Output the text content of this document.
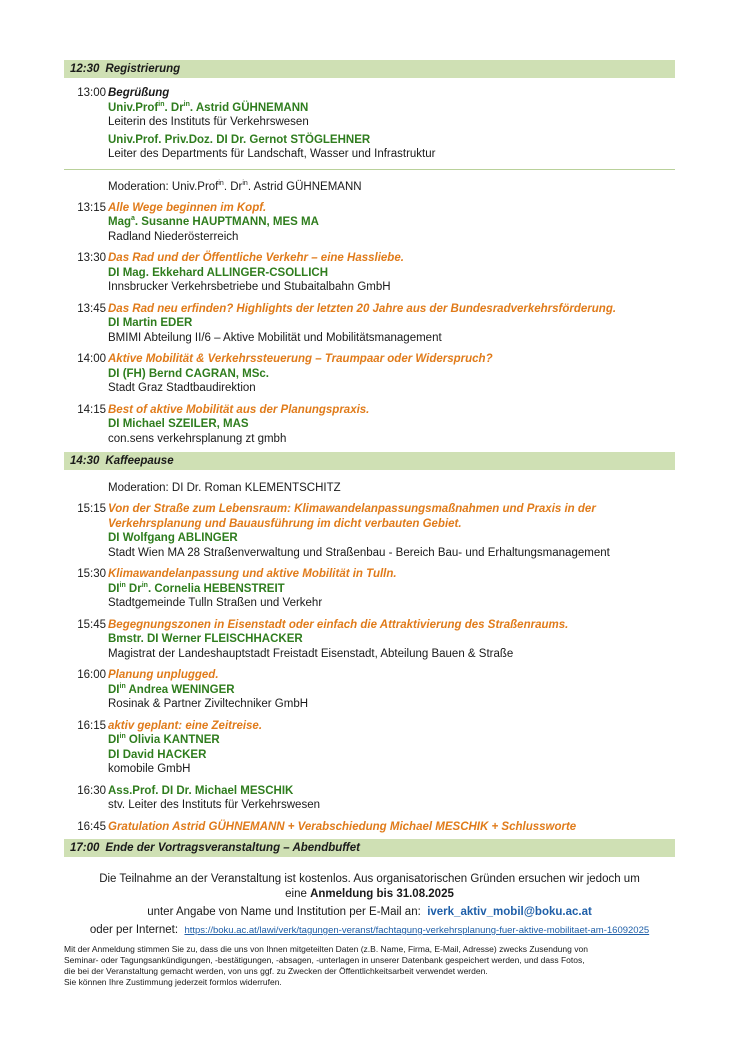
12:30 Registrierung
13:00 Begrüßung
Univ.Prof$^{in}$. $Dr^{in}$. Astrid GÜHNEMANN
Leiterin des Instituts für Verkehrswesen
Univ.Prof. Priv.Doz. DI Dr. Gernot STÖGLEHNER
Leiter des Departments für Landschaft, Wasser und Infrastruktur
Moderation: Univ.Prof$^{in}$. $Dr^{in}$. Astrid GÜHNEMANN
13:15 Alle Wege beginnen im Kopf.
Mag$^a$. Susanne HAUPTMANN, MES MA
Radland Niederösterreich
13:30 Das Rad und der Öffentliche Verkehr – eine Hassliebe.
DI Mag. Ekkehard ALLINGER-CSOLLICH
Innsbrucker Verkehrsbetriebe und Stubaitalbahn GmbH
13:45 Das Rad neu erfinden? Highlights der letzten 20 Jahre aus der Bundesradverkehrsförderung.
DI Martin EDER
BMIMI Abteilung II/6 – Aktive Mobilität und Mobilitätsmanagement
14:00 Aktive Mobilität & Verkehrssteuerung – Traumpaar oder Widerspruch?
DI (FH) Bernd CAGRAN, MSc.
Stadt Graz Stadtbaudirektion
14:15 Best of aktive Mobilität aus der Planungspraxis.
DI Michael SZEILER, MAS
con.sens verkehrsplanung zt gmbh
14:30 Kaffeepause
Moderation: DI Dr. Roman KLEMENTSCHITZ
15:15 Von der Straße zum Lebensraum: Klimawandelanpassungsmaßnahmen und Praxis in der Verkehrsplanung und Bauausführung im dicht verbauten Gebiet.
DI Wolfgang ABLINGER
Stadt Wien MA 28 Straßenverwaltung und Straßenbau - Bereich Bau- und Erhaltungsmanagement
15:30 Klimawandelanpassung und aktive Mobilität in Tulln.
$DI^{in}$ $Dr^{in}$. Cornelia HEBENSTREIT
Stadtgemeinde Tulln Straßen und Verkehr
15:45 Begegnungszonen in Eisenstadt oder einfach die Attraktivierung des Straßenraums.
Bmstr. DI Werner FLEISCHHACKER
Magistrat der Landeshauptstadt Freistadt Eisenstadt, Abteilung Bauen & Straße
16:00 Planung unplugged.
$DI^{in}$ Andrea WENINGER
Rosinak & Partner Ziviltechniker GmbH
16:15 aktiv geplant: eine Zeitreise.
$DI^{in}$ Olivia KANTNER
DI David HACKER
komobile GmbH
16:30 Ass.Prof. DI Dr. Michael MESCHIK
stv. Leiter des Instituts für Verkehrswesen
16:45 Gratulation Astrid GÜHNEMANN + Verabschiedung Michael MESCHIK + Schlussworte
17:00 Ende der Vortragsveranstaltung – Abendbuffet
Die Teilnahme an der Veranstaltung ist kostenlos. Aus organisatorischen Gründen ersuchen wir jedoch um
eine Anmeldung bis 31.08.2025
unter Angabe von Name und Institution per E-Mail an: iverk_aktiv_mobil@boku.ac.at
oder per Internet: https://boku.ac.at/lawi/verk/tagungen-veranst/fachtagung-verkehrsplanung-fuer-aktive-mobilitaet-am-16092025
Mit der Anmeldung stimmen Sie zu, dass die uns von Ihnen mitgeteilten Daten (z.B. Name, Firma, E-Mail, Adresse) zwecks Zusendung von
Seminar- oder Tagungsankündigungen, -bestätigungen, -absagen, -unterlagen in unserer Datenbank gespeichert werden, und dass Fotos,
die bei der Veranstaltung gemacht werden, von uns ggf. zu Zwecken der Öffentlichkeitsarbeit verwendet werden.
Sie können Ihre Zustimmung jederzeit formlos widerrufen.
